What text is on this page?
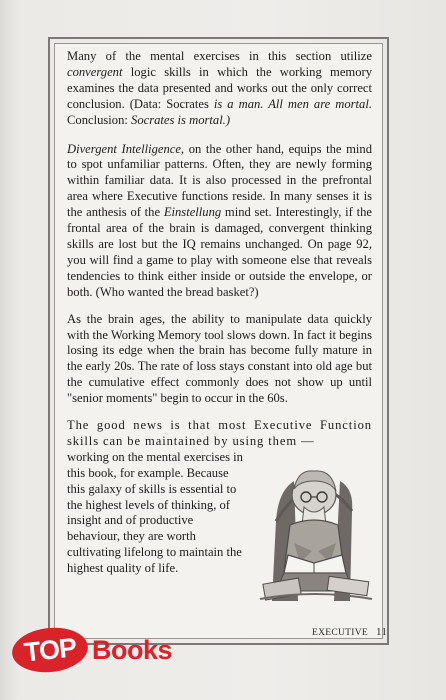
Many of the mental exercises in this section utilize convergent logic skills in which the working memory examines the data presented and works out the only correct conclusion. (Data: Socrates is a man. All men are mortal. Conclusion: Socrates is mortal.)

Divergent Intelligence, on the other hand, equips the mind to spot unfamiliar patterns. Often, they are newly forming within familiar data. It is also processed in the prefrontal area where Executive functions reside. In many senses it is the anthesis of the Einstellung mind set. Interestingly, if the frontal area of the brain is damaged, convergent thinking skills are lost but the IQ remains unchanged. On page 92, you will find a game to play with someone else that reveals tendencies to think either inside or outside the envelope, or both. (Who wanted the bread basket?)

As the brain ages, the ability to manipulate data quickly with the Working Memory tool slows down. In fact it begins losing its edge when the brain has become fully mature in the early 20s. The rate of loss stays constant into old age but the cumulative effect commonly does not show up until "senior moments" begin to occur in the 60s.

The good news is that most Executive Function skills can be maintained by using them —

working on the mental exercises in this book, for example. Because this galaxy of skills is essential to the highest levels of thinking, of insight and of productive behaviour, they are worth cultivating lifelong to maintain the highest quality of life.

EXECUTIVE 11
TOP Books
